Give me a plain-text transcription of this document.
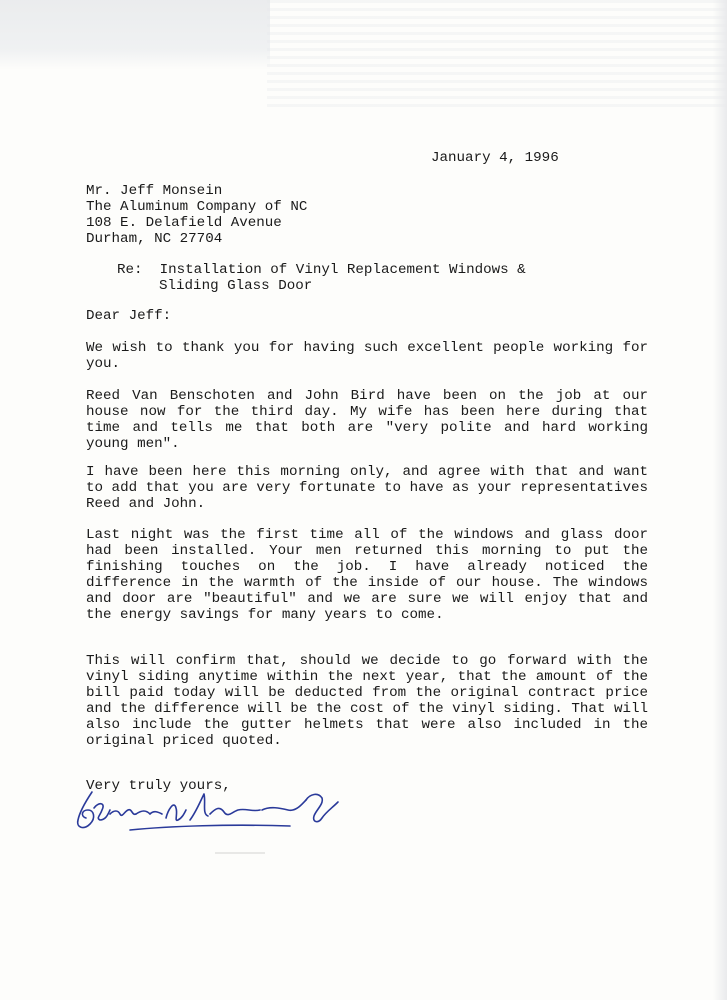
January 4, 1996
Mr. Jeff Monsein
The Aluminum Company of NC
108 E. Delafield Avenue
Durham, NC 27704
Re: Installation of Vinyl Replacement Windows &
Sliding Glass Door
Dear Jeff:
We wish to thank you for having such excellent people working for you.
Reed Van Benschoten and John Bird have been on the job at our house now for the third day. My wife has been here during that time and tells me that both are "very polite and hard working young men".
I have been here this morning only, and agree with that and want to add that you are very fortunate to have as your representatives Reed and John.
Last night was the first time all of the windows and glass door had been installed. Your men returned this morning to put the finishing touches on the job. I have already noticed the difference in the warmth of the inside of our house. The windows and door are "beautiful" and we are sure we will enjoy that and the energy savings for many years to come.
This will confirm that, should we decide to go forward with the vinyl siding anytime within the next year, that the amount of the bill paid today will be deducted from the original contract price and the difference will be the cost of the vinyl siding. That will also include the gutter helmets that were also included in the original priced quoted.
Very truly yours,
